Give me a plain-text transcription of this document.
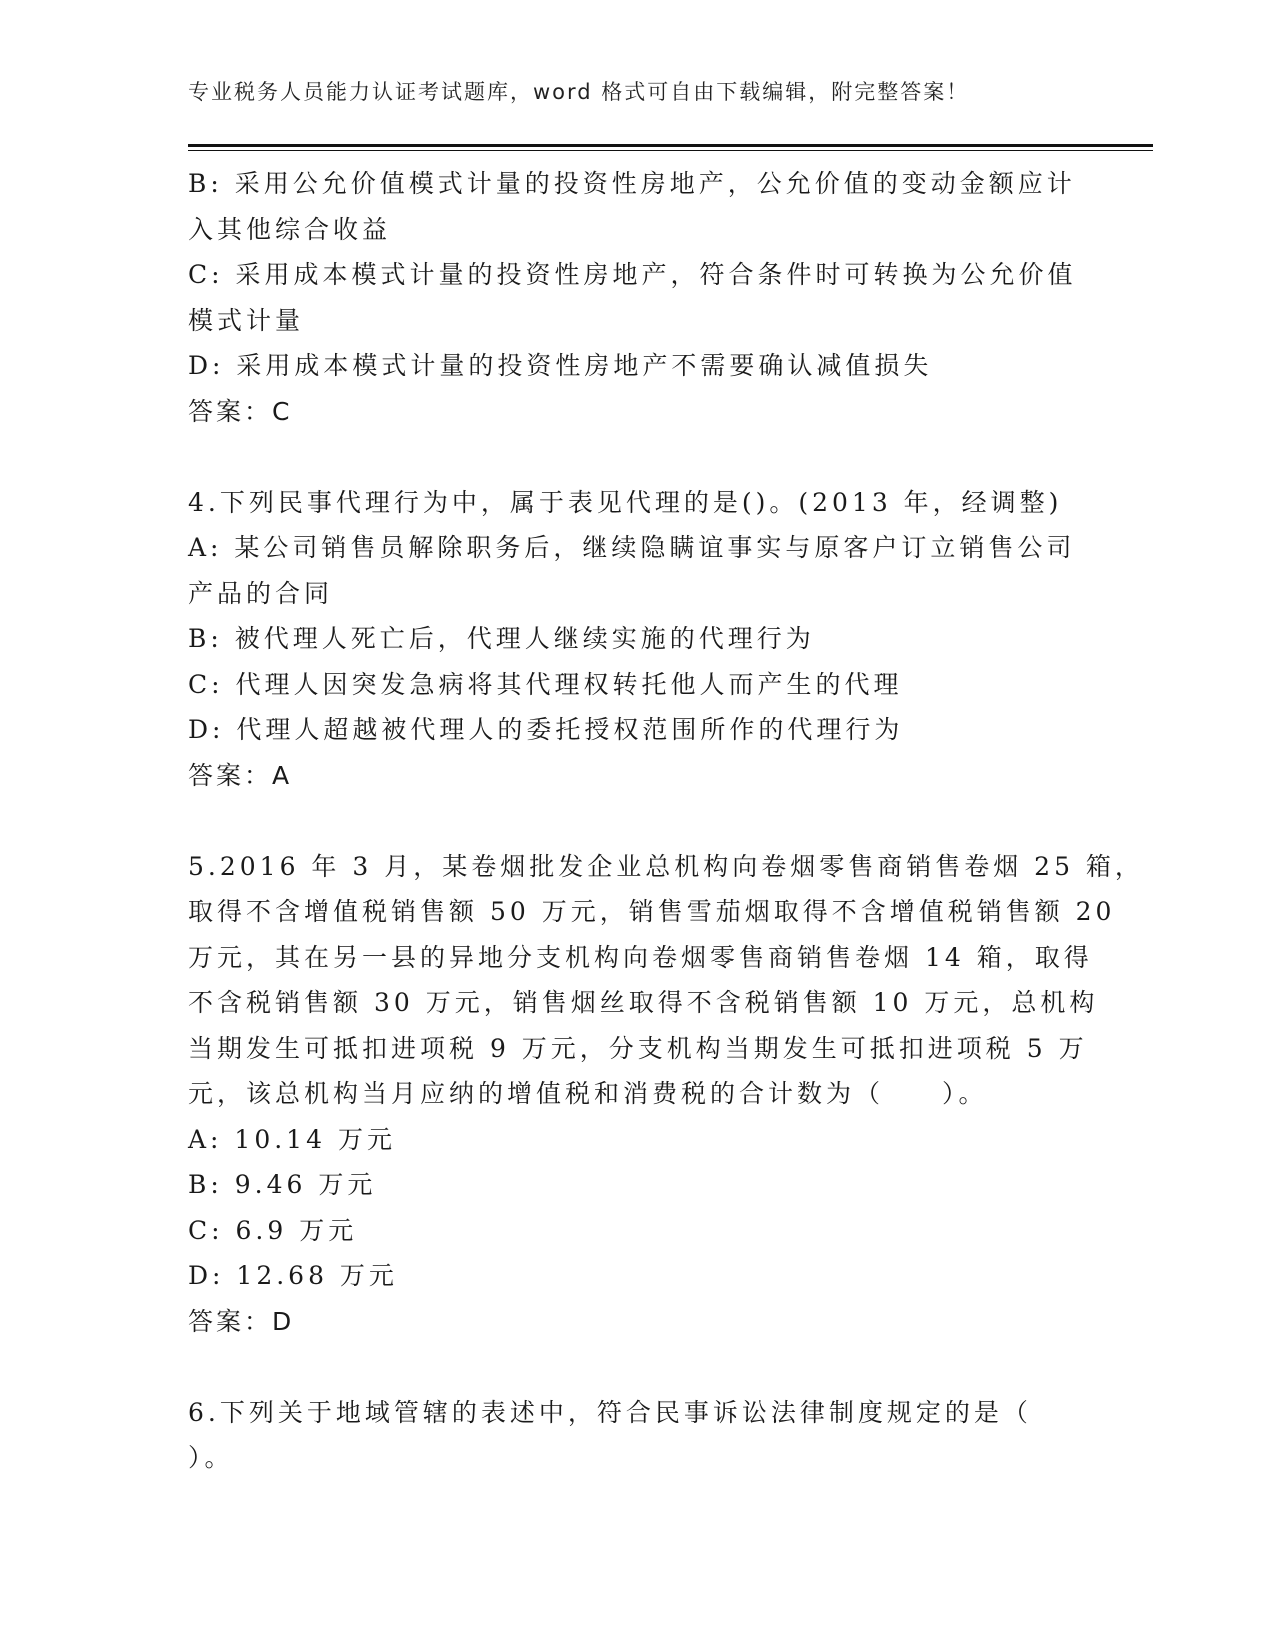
专业税务人员能力认证考试题库，word 格式可自由下载编辑，附完整答案！
B: 采用公允价值模式计量的投资性房地产，公允价值的变动金额应计
入其他综合收益
C: 采用成本模式计量的投资性房地产，符合条件时可转换为公允价值
模式计量
D: 采用成本模式计量的投资性房地产不需要确认减值损失
答案：C
4.下列民事代理行为中，属于表见代理的是()。(2013 年，经调整)
A: 某公司销售员解除职务后，继续隐瞒谊事实与原客户订立销售公司
产品的合同
B: 被代理人死亡后，代理人继续实施的代理行为
C: 代理人因突发急病将其代理权转托他人而产生的代理
D: 代理人超越被代理人的委托授权范围所作的代理行为
答案：A
5.2016 年 3 月，某卷烟批发企业总机构向卷烟零售商销售卷烟 25 箱，
取得不含增值税销售额 50 万元，销售雪茄烟取得不含增值税销售额 20
万元，其在另一县的异地分支机构向卷烟零售商销售卷烟 14 箱，取得
不含税销售额 30 万元，销售烟丝取得不含税销售额 10 万元，总机构
当期发生可抵扣进项税 9 万元，分支机构当期发生可抵扣进项税 5 万
元，该总机构当月应纳的增值税和消费税的合计数为（　　）。
A: 10.14 万元
B: 9.46 万元
C: 6.9 万元
D: 12.68 万元
答案：D
6.下列关于地域管辖的表述中，符合民事诉讼法律制度规定的是（
）。
